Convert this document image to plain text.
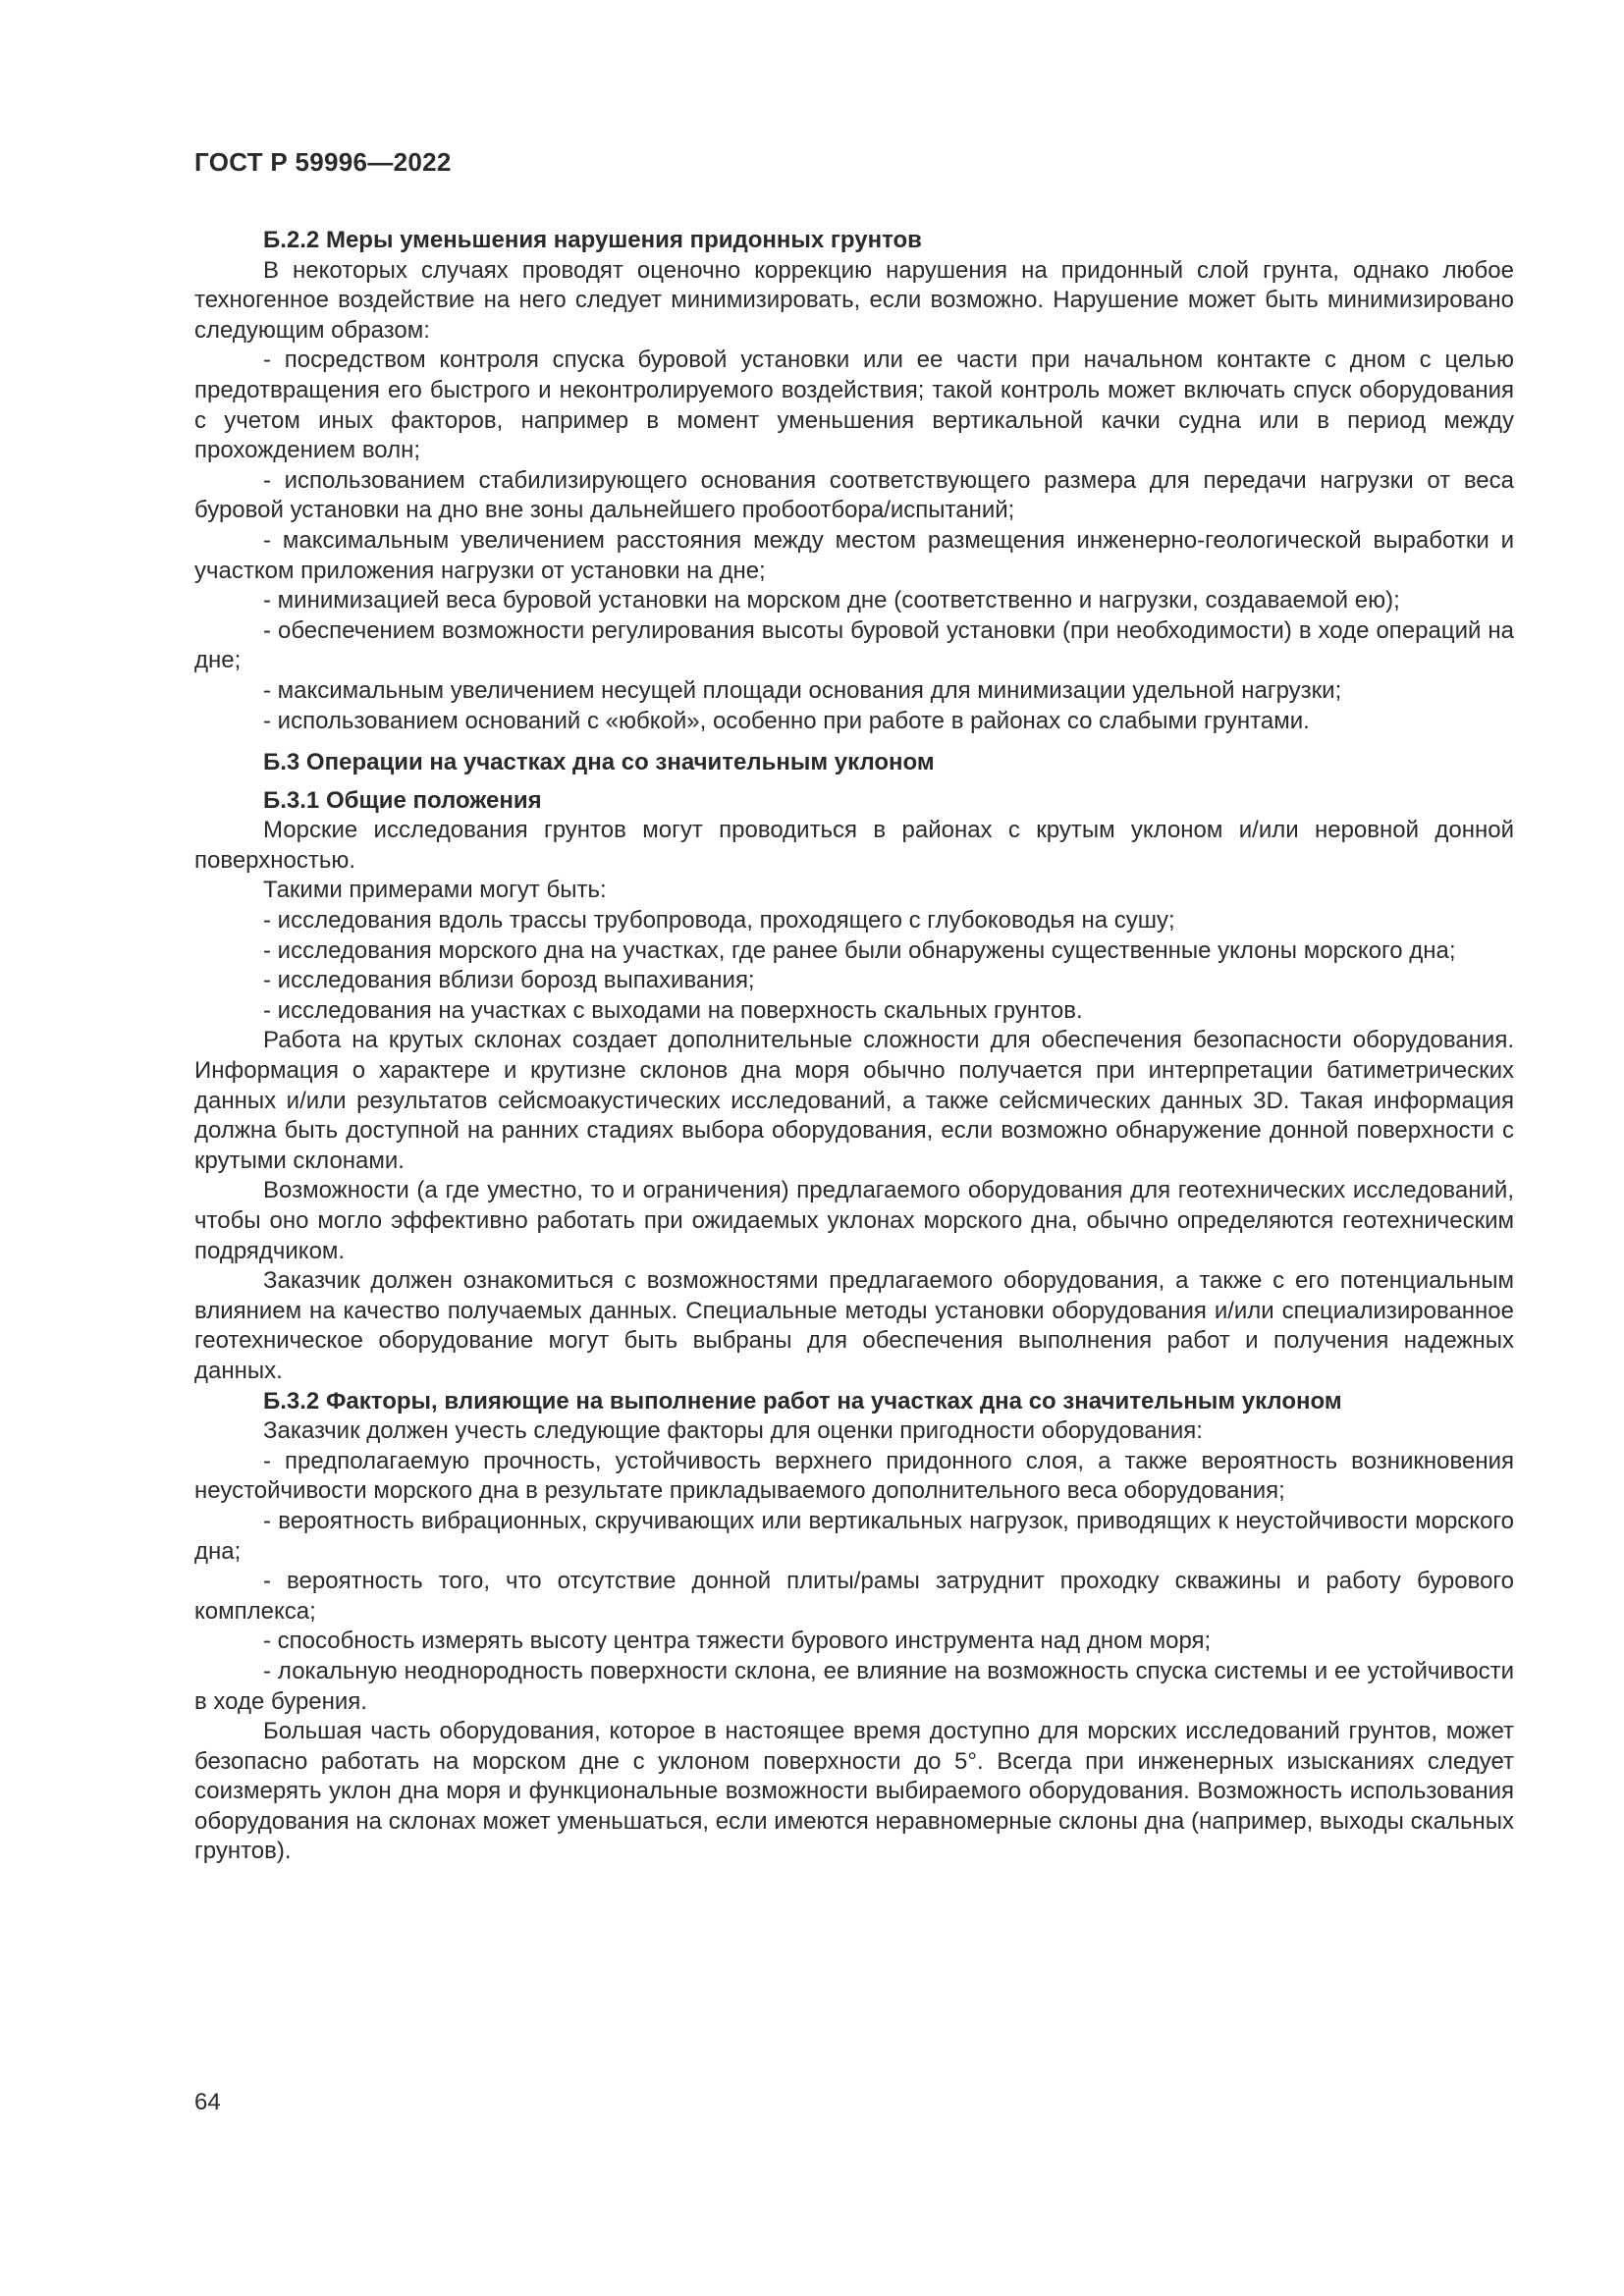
ГОСТ Р 59996—2022

Б.2.2 Меры уменьшения нарушения придонных грунтов

В некоторых случаях проводят оценочно коррекцию нарушения на придонный слой грунта, однако любое техногенное воздействие на него следует минимизировать, если возможно. Нарушение может быть минимизировано следующим образом:

- посредством контроля спуска буровой установки или ее части при начальном контакте с дном с целью предотвращения его быстрого и неконтролируемого воздействия; такой контроль может включать спуск оборудования с учетом иных факторов, например в момент уменьшения вертикальной качки судна или в период между прохождением волн;

- использованием стабилизирующего основания соответствующего размера для передачи нагрузки от веса буровой установки на дно вне зоны дальнейшего пробоотбора/испытаний;

- максимальным увеличением расстояния между местом размещения инженерно-геологической выработки и участком приложения нагрузки от установки на дне;

- минимизацией веса буровой установки на морском дне (соответственно и нагрузки, создаваемой ею);

- обеспечением возможности регулирования высоты буровой установки (при необходимости) в ходе операций на дне;

- максимальным увеличением несущей площади основания для минимизации удельной нагрузки;

- использованием оснований с «юбкой», особенно при работе в районах со слабыми грунтами.

Б.3 Операции на участках дна со значительным уклоном

Б.3.1 Общие положения

Морские исследования грунтов могут проводиться в районах с крутым уклоном и/или неровной донной поверхностью.

Такими примерами могут быть:

- исследования вдоль трассы трубопровода, проходящего с глубоководья на сушу;

- исследования морского дна на участках, где ранее были обнаружены существенные уклоны морского дна;

- исследования вблизи борозд выпахивания;

- исследования на участках с выходами на поверхность скальных грунтов.

Работа на крутых склонах создает дополнительные сложности для обеспечения безопасности оборудования. Информация о характере и крутизне склонов дна моря обычно получается при интерпретации батиметрических данных и/или результатов сейсмоакустических исследований, а также сейсмических данных 3D. Такая информация должна быть доступной на ранних стадиях выбора оборудования, если возможно обнаружение донной поверхности с крутыми склонами.

Возможности (а где уместно, то и ограничения) предлагаемого оборудования для геотехнических исследований, чтобы оно могло эффективно работать при ожидаемых уклонах морского дна, обычно определяются геотехническим подрядчиком.

Заказчик должен ознакомиться с возможностями предлагаемого оборудования, а также с его потенциальным влиянием на качество получаемых данных. Специальные методы установки оборудования и/или специализированное геотехническое оборудование могут быть выбраны для обеспечения выполнения работ и получения надежных данных.

Б.3.2 Факторы, влияющие на выполнение работ на участках дна со значительным уклоном

Заказчик должен учесть следующие факторы для оценки пригодности оборудования:

- предполагаемую прочность, устойчивость верхнего придонного слоя, а также вероятность возникновения неустойчивости морского дна в результате прикладываемого дополнительного веса оборудования;

- вероятность вибрационных, скручивающих или вертикальных нагрузок, приводящих к неустойчивости морского дна;

- вероятность того, что отсутствие донной плиты/рамы затруднит проходку скважины и работу бурового комплекса;

- способность измерять высоту центра тяжести бурового инструмента над дном моря;

- локальную неоднородность поверхности склона, ее влияние на возможность спуска системы и ее устойчивости в ходе бурения.

Большая часть оборудования, которое в настоящее время доступно для морских исследований грунтов, может безопасно работать на морском дне с уклоном поверхности до 5°. Всегда при инженерных изысканиях следует соизмерять уклон дна моря и функциональные возможности выбираемого оборудования. Возможность использования оборудования на склонах может уменьшаться, если имеются неравномерные склоны дна (например, выходы скальных грунтов).

64
